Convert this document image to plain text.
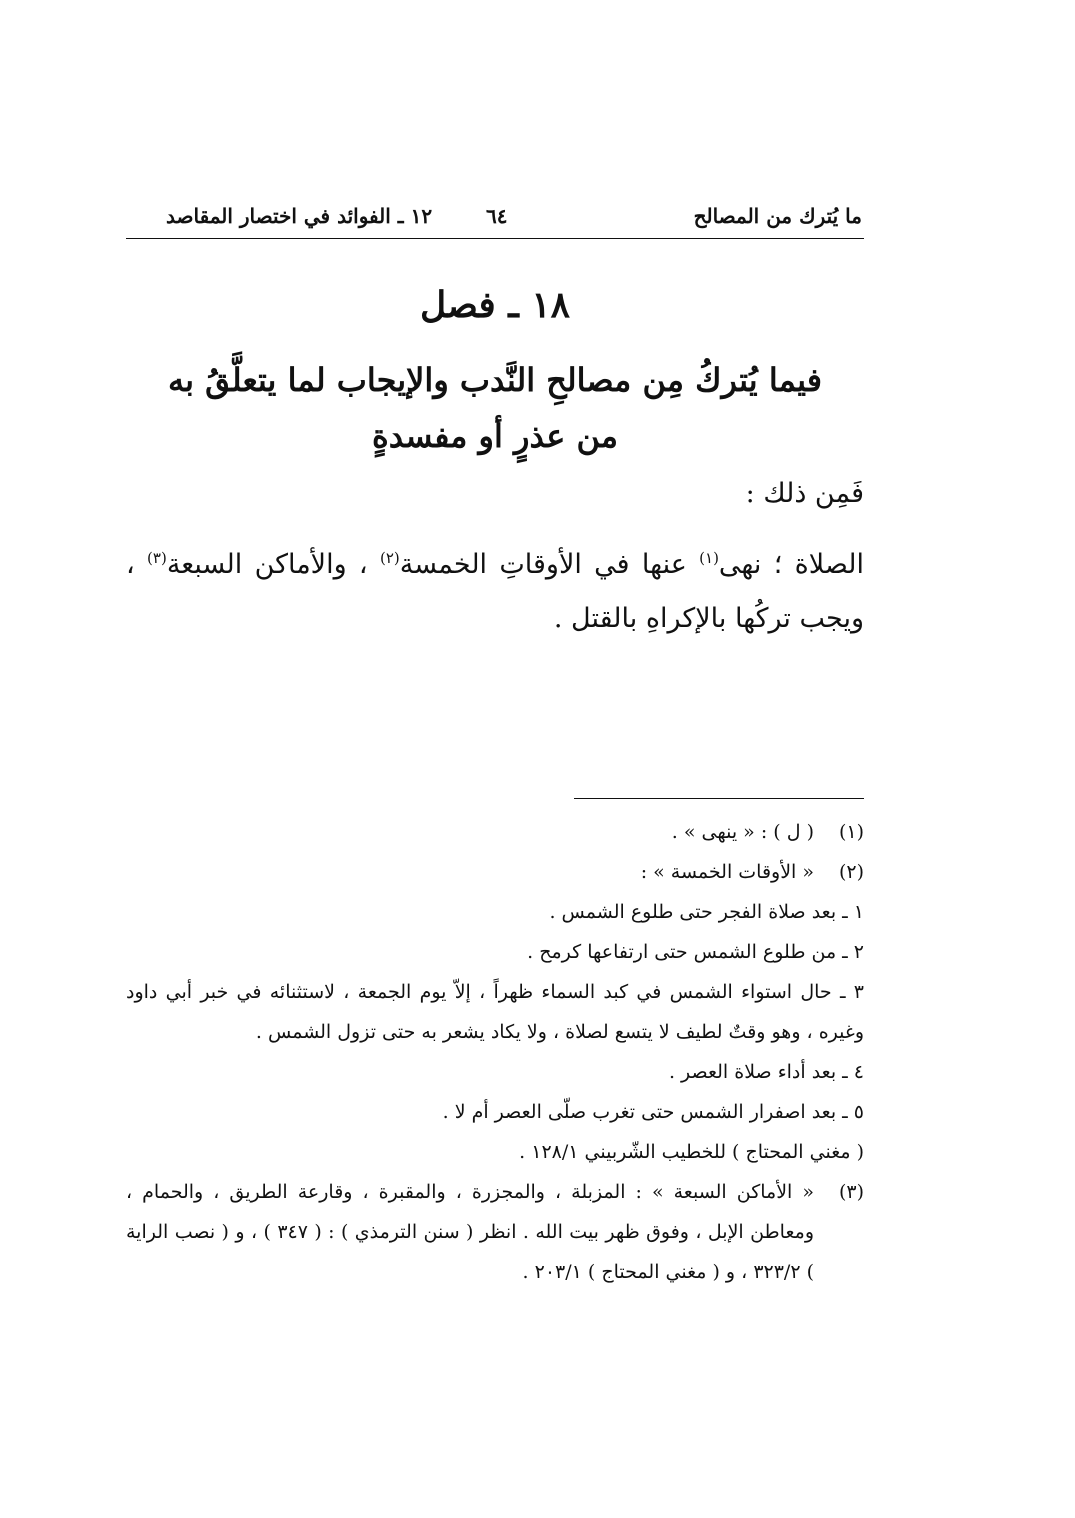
ما يُترك من المصالح
٦٤
١٢ ـ الفوائد في اختصار المقاصد
١٨ ـ فصل
فيما يُتركُ مِن مصالحِ النَّدب والإيجاب لما يتعلَّقُ به
من عذرٍ أو مفسدةٍ
فَمِن ذلك :
الصلاة ؛ نهى$^{(١)}$ عنها في الأوقاتِ الخمسة$^{(٢)}$ ، والأماكن السبعة$^{(٣)}$ ، ويجب تركُها بالإكراهِ بالقتل .
(١)
( ل ) : « ينهى » .
(٢)
« الأوقات الخمسة » :
١ ـ بعد صلاة الفجر حتى طلوع الشمس .
٢ ـ من طلوع الشمس حتى ارتفاعها كرمح .
٣ ـ حال استواء الشمس في كبد السماء ظهراً ، إلاّ يوم الجمعة ، لاستثنائه في خبر أبي داود وغيره ، وهو وقتٌ لطيف لا يتسع لصلاة ، ولا يكاد يشعر به حتى تزول الشمس .
٤ ـ بعد أداء صلاة العصر .
٥ ـ بعد اصفرار الشمس حتى تغرب صلّى العصر أم لا .
( مغني المحتاج ) للخطيب الشّربيني ١٢٨/١ .
(٣)
« الأماكن السبعة » : المزبلة ، والمجزرة ، والمقبرة ، وقارعة الطريق ، والحمام ، ومعاطن الإبل ، وفوق ظهر بيت الله . انظر ( سنن الترمذي ) : ( ٣٤٧ ) ، و ( نصب الراية ) ٣٢٣/٢ ، و ( مغني المحتاج ) ٢٠٣/١ .
